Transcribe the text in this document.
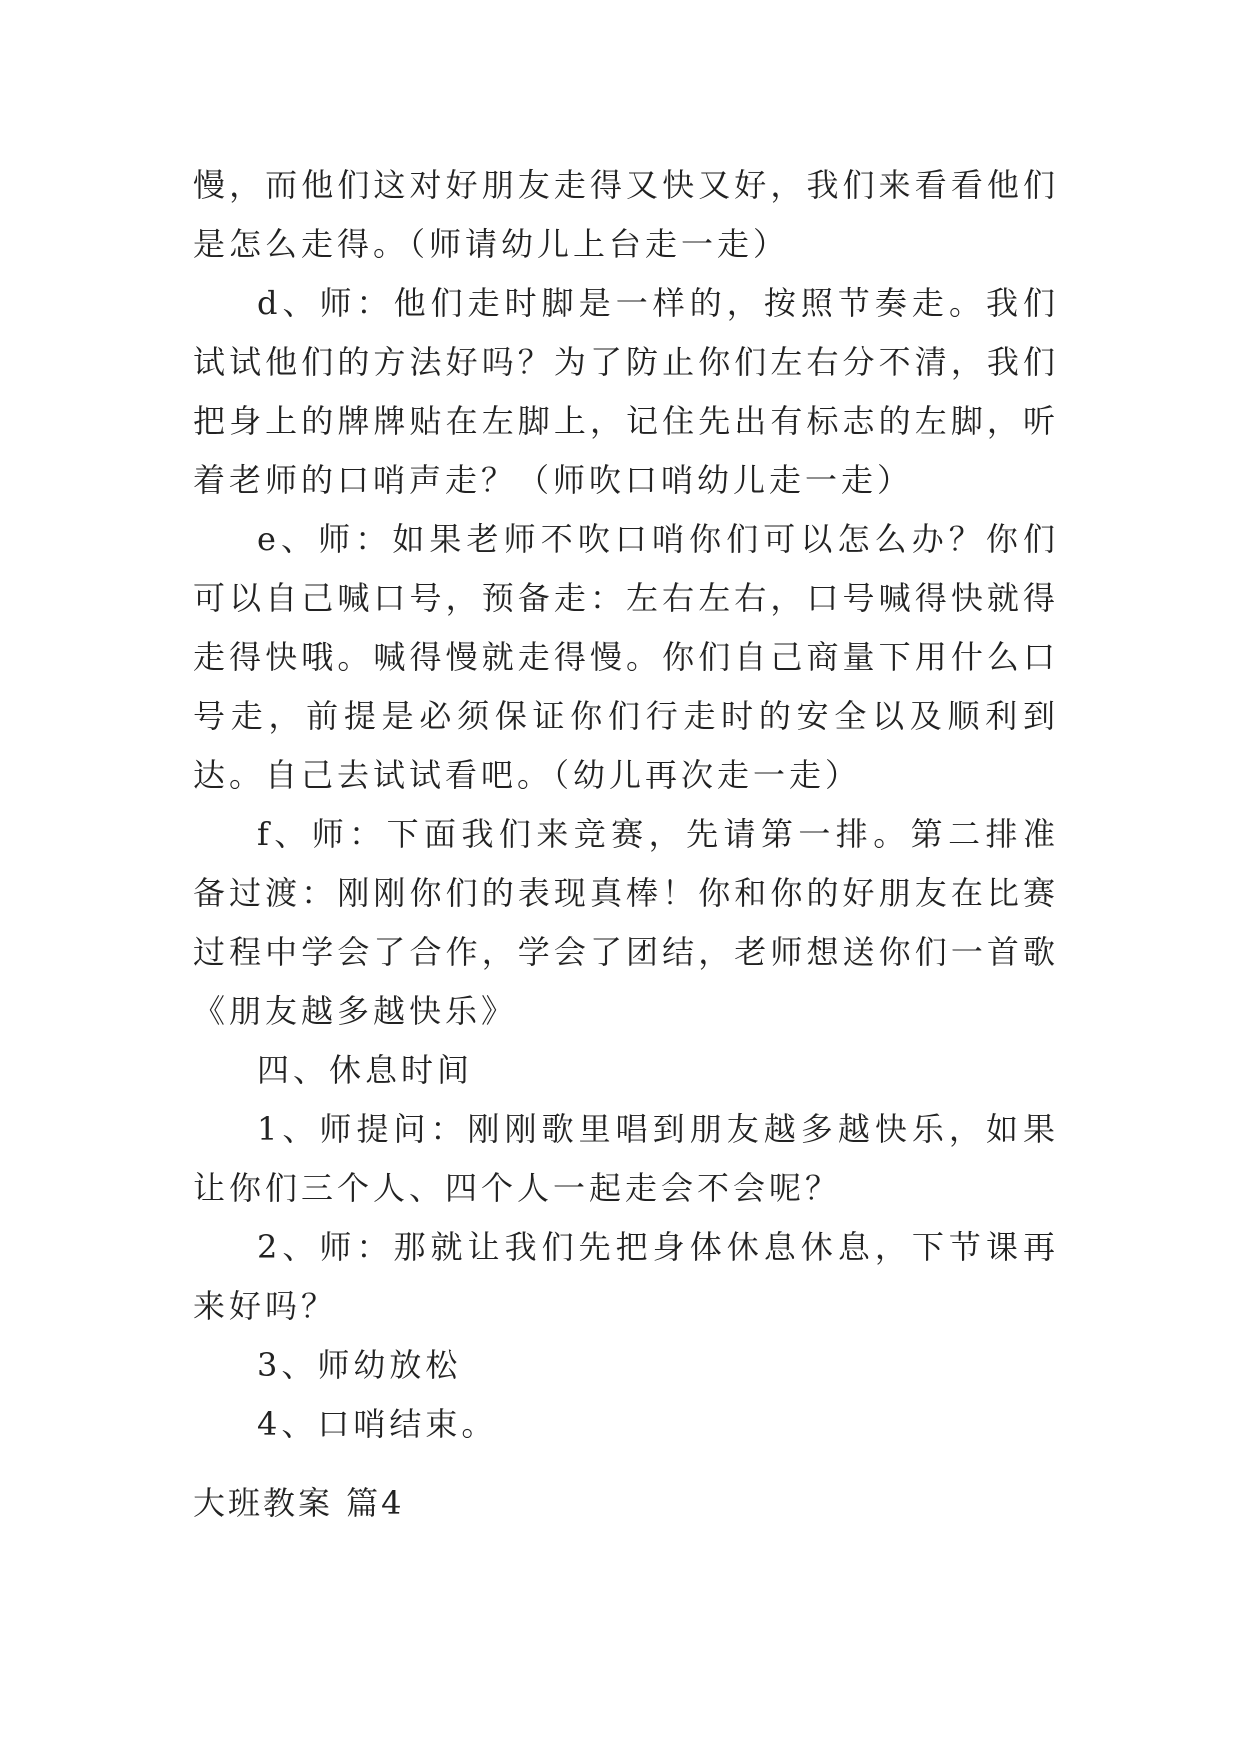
慢，而他们这对好朋友走得又快又好，我们来看看他们是怎么走得。（师请幼儿上台走一走）

d、师：他们走时脚是一样的，按照节奏走。我们试试他们的方法好吗？为了防止你们左右分不清，我们把身上的牌牌贴在左脚上，记住先出有标志的左脚，听着老师的口哨声走？（师吹口哨幼儿走一走）

e、师：如果老师不吹口哨你们可以怎么办？你们可以自己喊口号，预备走：左右左右，口号喊得快就得走得快哦。喊得慢就走得慢。你们自己商量下用什么口号走，前提是必须保证你们行走时的安全以及顺利到达。自己去试试看吧。（幼儿再次走一走）

f、师：下面我们来竞赛，先请第一排。第二排准备过渡：刚刚你们的表现真棒！你和你的好朋友在比赛过程中学会了合作，学会了团结，老师想送你们一首歌《朋友越多越快乐》

四、休息时间

1、师提问：刚刚歌里唱到朋友越多越快乐，如果让你们三个人、四个人一起走会不会呢？

2、师：那就让我们先把身体休息休息，下节课再来好吗？

3、师幼放松

4、口哨结束。

大班教案 篇4
